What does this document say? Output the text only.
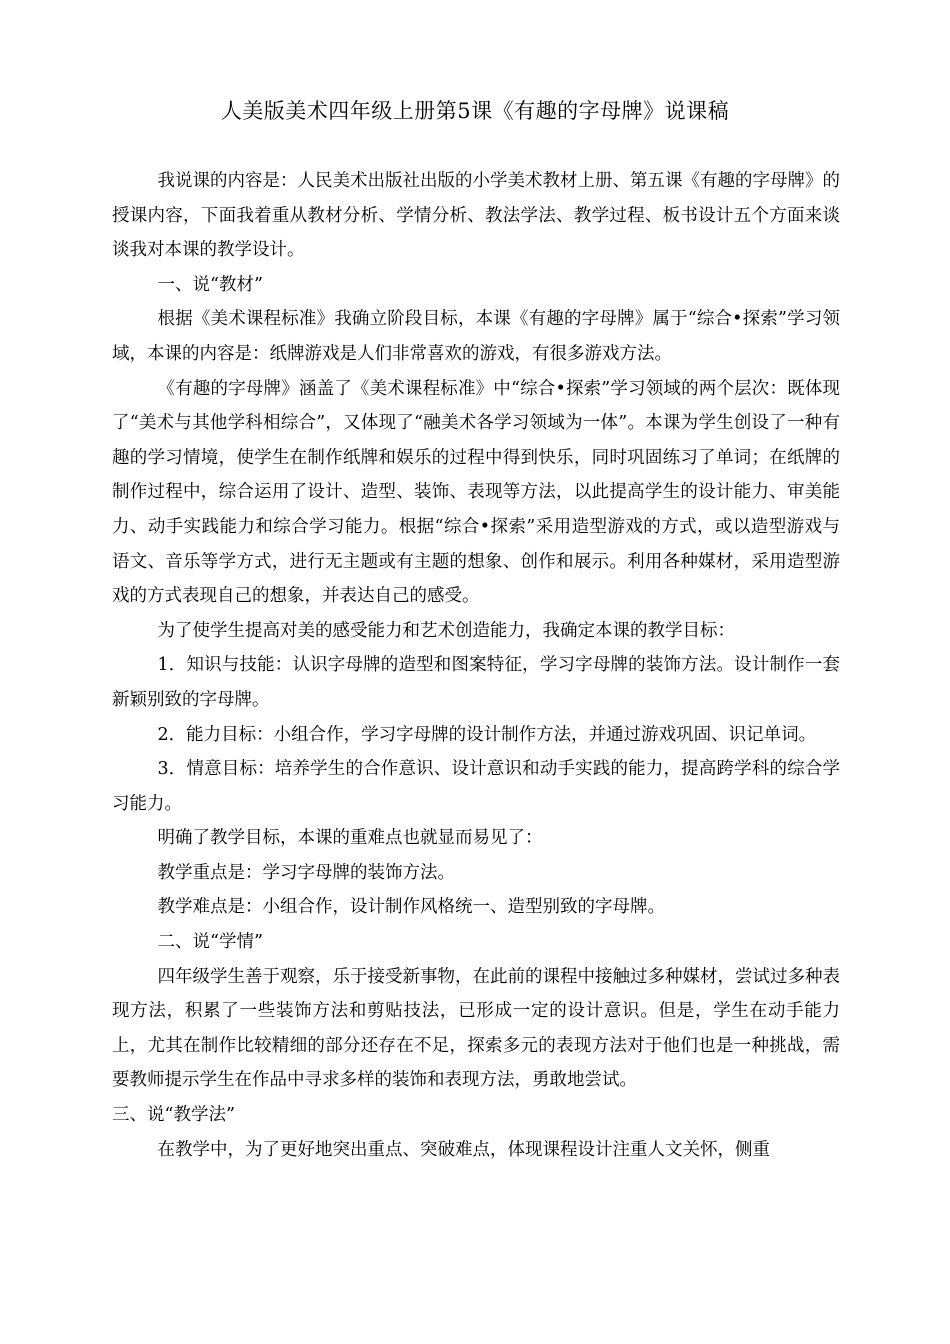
人美版美术四年级上册第5课《有趣的字母牌》说课稿

我说课的内容是：人民美术出版社出版的小学美术教材上册、第五课《有趣的字母牌》的授课内容，下面我着重从教材分析、学情分析、教法学法、教学过程、板书设计五个方面来谈谈我对本课的教学设计。

一、说“教材”

根据《美术课程标准》我确立阶段目标，本课《有趣的字母牌》属于“综合•探索”学习领域，本课的内容是：纸牌游戏是人们非常喜欢的游戏，有很多游戏方法。

《有趣的字母牌》涵盖了《美术课程标准》中“综合•探索”学习领域的两个层次：既体现了“美术与其他学科相综合”，又体现了“融美术各学习领域为一体”。本课为学生创设了一种有趣的学习情境，使学生在制作纸牌和娱乐的过程中得到快乐，同时巩固练习了单词；在纸牌的制作过程中，综合运用了设计、造型、装饰、表现等方法，以此提高学生的设计能力、审美能力、动手实践能力和综合学习能力。根据“综合•探索”采用造型游戏的方式，或以造型游戏与语文、音乐等学方式，进行无主题或有主题的想象、创作和展示。利用各种媒材，采用造型游戏的方式表现自己的想象，并表达自己的感受。

为了使学生提高对美的感受能力和艺术创造能力，我确定本课的教学目标：

1．知识与技能：认识字母牌的造型和图案特征，学习字母牌的装饰方法。设计制作一套新颖别致的字母牌。

2．能力目标：小组合作，学习字母牌的设计制作方法，并通过游戏巩固、识记单词。

3．情意目标：培养学生的合作意识、设计意识和动手实践的能力，提高跨学科的综合学习能力。

明确了教学目标，本课的重难点也就显而易见了：

教学重点是：学习字母牌的装饰方法。

教学难点是：小组合作，设计制作风格统一、造型别致的字母牌。

二、说“学情”

四年级学生善于观察，乐于接受新事物，在此前的课程中接触过多种媒材，尝试过多种表现方法，积累了一些装饰方法和剪贴技法，已形成一定的设计意识。但是，学生在动手能力上，尤其在制作比较精细的部分还存在不足，探索多元的表现方法对于他们也是一种挑战，需要教师提示学生在作品中寻求多样的装饰和表现方法，勇敢地尝试。

三、说“教学法”

在教学中，为了更好地突出重点、突破难点，体现课程设计注重人文关怀，侧重
